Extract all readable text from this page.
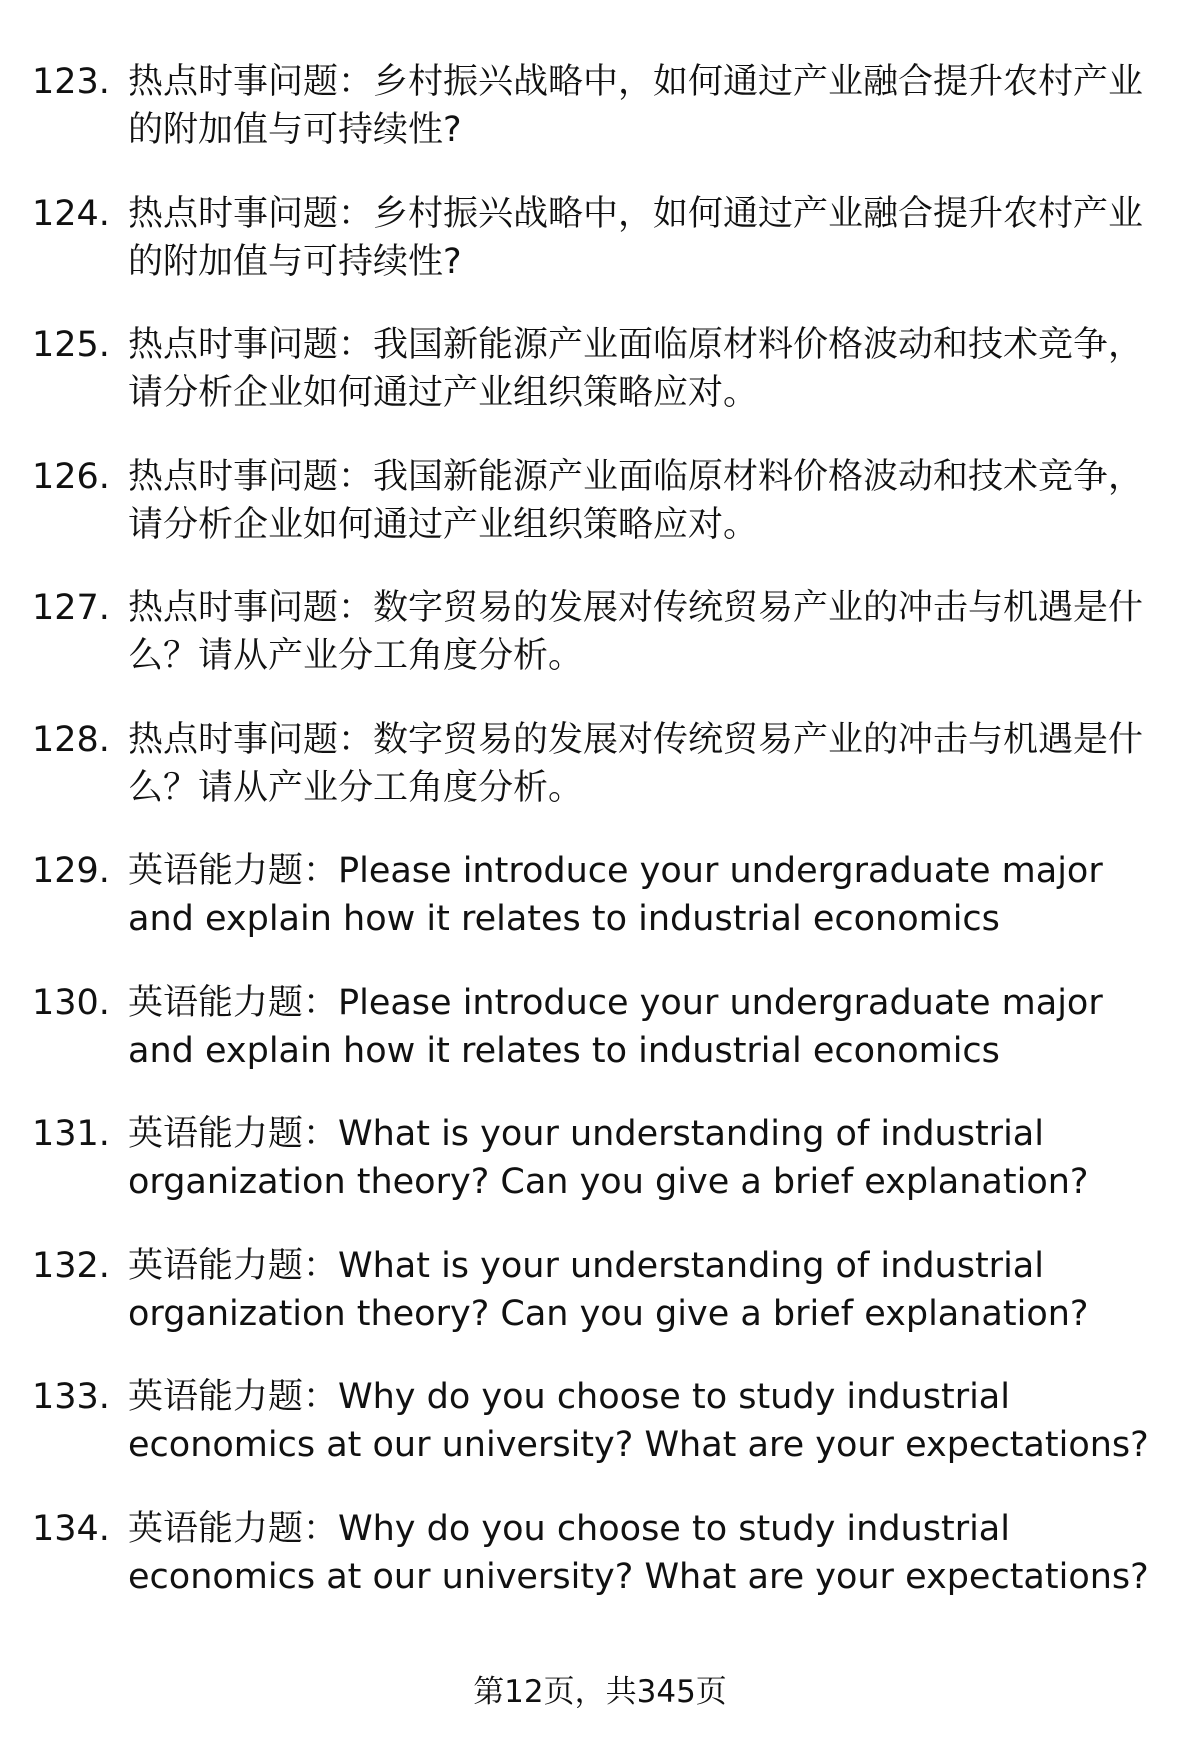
123. 热点时事问题：乡村振兴战略中，如何通过产业融合提升农村产业的附加值与可持续性?
124. 热点时事问题：乡村振兴战略中，如何通过产业融合提升农村产业的附加值与可持续性?
125. 热点时事问题：我国新能源产业面临原材料价格波动和技术竞争，请分析企业如何通过产业组织策略应对。
126. 热点时事问题：我国新能源产业面临原材料价格波动和技术竞争，请分析企业如何通过产业组织策略应对。
127. 热点时事问题：数字贸易的发展对传统贸易产业的冲击与机遇是什么？请从产业分工角度分析。
128. 热点时事问题：数字贸易的发展对传统贸易产业的冲击与机遇是什么？请从产业分工角度分析。
129. 英语能力题：Please introduce your undergraduate major and explain how it relates to industrial economics
130. 英语能力题：Please introduce your undergraduate major and explain how it relates to industrial economics
131. 英语能力题：What is your understanding of industrial organization theory? Can you give a brief explanation?
132. 英语能力题：What is your understanding of industrial organization theory? Can you give a brief explanation?
133. 英语能力题：Why do you choose to study industrial economics at our university? What are your expectations?
134. 英语能力题：Why do you choose to study industrial economics at our university? What are your expectations?
第12页，共345页
